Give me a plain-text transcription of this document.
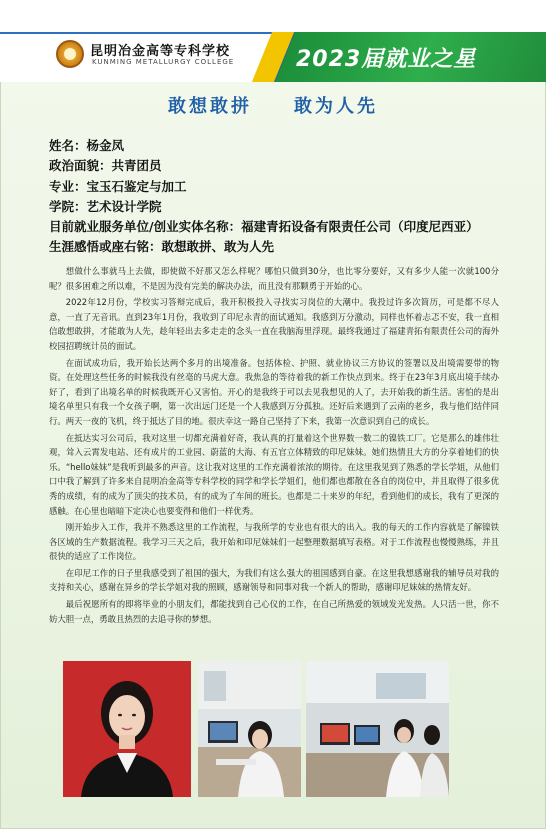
昆明冶金高等专科学校
KUNMING METALLURGY COLLEGE	2023届就业之星
敢想敢拼　　敢为人先
姓名：杨金凤
政治面貌：共青团员
专业：宝玉石鉴定与加工
学院：艺术设计学院
目前就业服务单位/创业实体名称：福建青拓设备有限责任公司（印度尼西亚）
生涯感悟或座右铭：敢想敢拼、敢为人先

想做什么事就马上去做，即使做不好那又怎么样呢？哪怕只做到30分，也比零分要好，又有多少人能一次就100分呢？很多困难之所以难，不是因为没有完美的解决办法，而且没有那颗勇于开始的心。

2022年12月份，学校实习答辩完成后，我开积极投入寻找实习岗位的大潮中。我投过许多次简历，可是都不尽人意，一直了无音讯。直到23年1月份，我收到了印尼永青的面试通知。我感到万分激动，同样也怀着忐忑不安，我一直相信敢想敢拼，才能敢为人先，趁年轻出去多走走的念头一直在我脑海里浮现。最终我通过了福建青拓有限责任公司的海外校园招聘统计员的面试。

在面试成功后，我开始长达两个多月的出境准备。包括体检、护照、就业协议三方协议的签署以及出境需要带的物资。在处理这些任务的时候我没有丝毫的马虎大意。我焦急的等待着我的新工作快点到来。终于在23年3月底出境手续办好了，看到了出境名单的时候我既开心又害怕。开心的是我终于可以去见我想见的人了，去开始我的新生活。害怕的是出境名单里只有我一个女孩子啊，第一次出远门还是一个人我感到万分孤独。还好后来遇到了云南的老乡，我与他们结伴同行。两天一夜的飞机，终于抵达了目的地。很庆幸这一路自己坚持了下来，我第一次意识到自己的成长。

在抵达实习公司后，我对这里一切都充满着好奇，我认真的打量着这个世界数一数二的镍铁工厂。它是那么的雄伟壮观，耸入云霄发电站、还有成片的工业园、蔚蓝的大海、有五官立体精致的印尼妹妹。她们热情且大方的分享着她们的快乐。“hello妹妹”是我听到最多的声音。这让我对这里的工作充满着浓浓的期待。在这里我见到了熟悉的学长学姐，从他们口中我了解到了许多来自昆明冶金高等专科学校的同学和学长学姐们，他们都也都散在各自的岗位中，并且取得了很多优秀的成绩，有的成为了顶尖的技术员，有的成为了车间的班长。也都是二十来岁的年纪，看到他们的成长，我有了更深的感触。在心里也暗暗下定决心也要变得和他们一样优秀。

刚开始步入工作，我并不熟悉这里的工作流程，与我所学的专业也有很大的出入。我的每天的工作内容就是了解镍铁各区域的生产数据流程。我学习三天之后，我开始和印尼妹妹们一起整理数据填写表格。对于工作流程也慢慢熟练，并且很快的适应了工作岗位。

在印尼工作的日子里我感受到了祖国的强大，为我们有这么强大的祖国感到自豪。在这里我想感谢我的辅导员对我的支持和关心，感谢在异乡的学长学姐对我的照顾，感谢领导和同事对我一个新人的帮助，感谢印尼妹妹的热情友好。

最后祝愿所有的即将毕业的小朋友们，都能找到自己心仪的工作，在自己所热爱的领域发光发热。人只活一世，你不妨大胆一点，勇敢且热烈的去追寻你的梦想。
